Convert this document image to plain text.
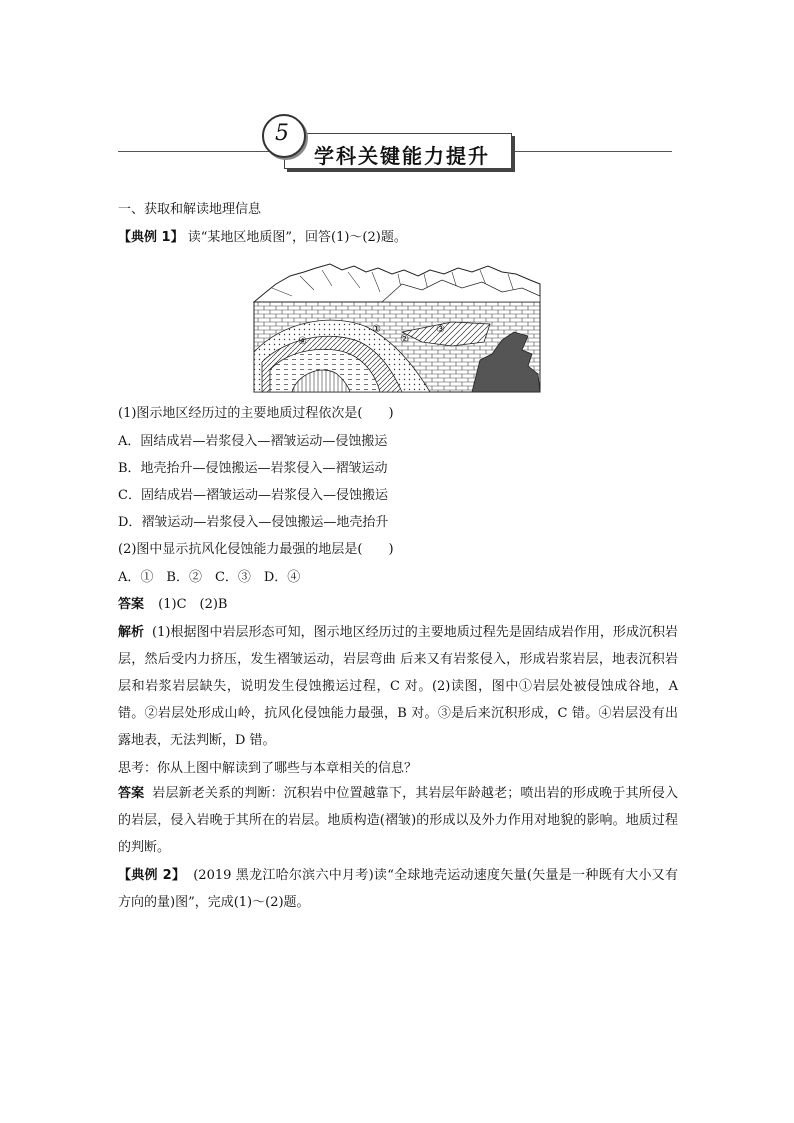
学科关键能力提升
5
一、获取和解读地理信息
【典例 1】 读“某地区地质图”，回答(1)～(2)题。
①
②
③
④
(1)图示地区经历过的主要地质过程依次是(　　)
A．固结成岩—岩浆侵入—褶皱运动—侵蚀搬运
B．地壳抬升—侵蚀搬运—岩浆侵入—褶皱运动
C．固结成岩—褶皱运动—岩浆侵入—侵蚀搬运
D．褶皱运动—岩浆侵入—侵蚀搬运—地壳抬升
(2)图中显示抗风化侵蚀能力最强的地层是(　　)
A．①　B．②　C．③　D．④
答案 (1)C　(2)B
解析 (1)根据图中岩层形态可知，图示地区经历过的主要地质过程先是固结成岩作用，形成沉积岩层，然后受内力挤压，发生褶皱运动，岩层弯曲 后来又有岩浆侵入，形成岩浆岩层，地表沉积岩层和岩浆岩层缺失，说明发生侵蚀搬运过程，C 对。(2)读图，图中①岩层处被侵蚀成谷地，A 错。②岩层处形成山岭，抗风化侵蚀能力最强，B 对。③是后来沉积形成，C 错。④岩层没有出露地表，无法判断，D 错。
思考：你从上图中解读到了哪些与本章相关的信息？
答案 岩层新老关系的判断：沉积岩中位置越靠下，其岩层年龄越老；喷出岩的形成晚于其所侵入的岩层，侵入岩晚于其所在的岩层。地质构造(褶皱)的形成以及外力作用对地貌的影响。地质过程的判断。
【典例 2】 (2019 黑龙江哈尔滨六中月考)读“全球地壳运动速度矢量(矢量是一种既有大小又有方向的量)图”，完成(1)～(2)题。
